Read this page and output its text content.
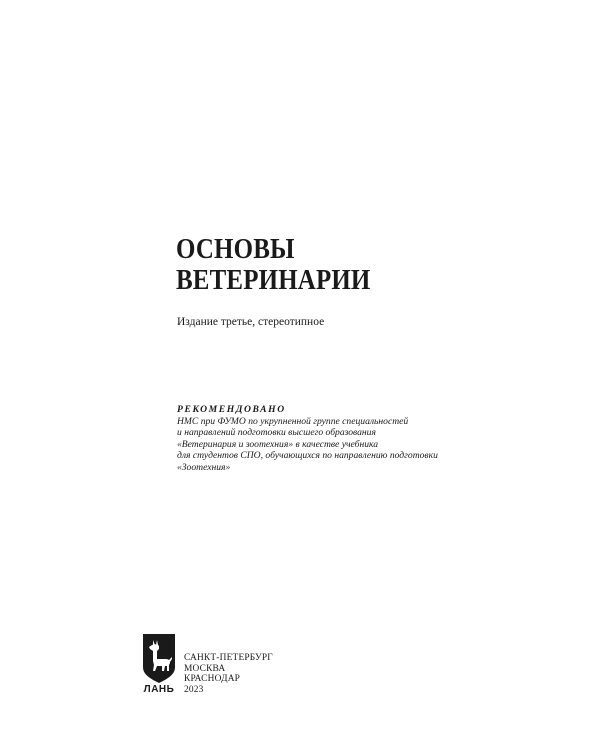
ОСНОВЫ
ВЕТЕРИНАРИИ
Издание третье, стереотипное
РЕКОМЕНДОВАНО
НМС при ФУМО по укрупненной группе специальностей
и направлений подготовки высшего образования
«Ветеринария и зоотехния» в качестве учебника
для студентов СПО, обучающихся по направлению подготовки
«Зоотехния»
ЛАНЬ
САНКТ-ПЕТЕРБУРГ
МОСКВА
КРАСНОДАР
2023
